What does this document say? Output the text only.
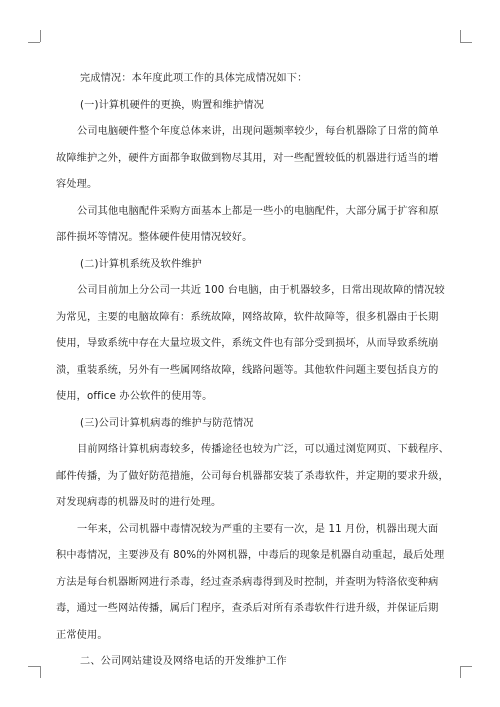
完成情况：本年度此项工作的具体完成情况如下：
(一)计算机硬件的更换，购置和维护情况
公司电脑硬件整个年度总体来讲，出现问题频率较少，每台机器除了日常的简单
故障维护之外，硬件方面都争取做到物尽其用，对一些配置较低的机器进行适当的增
容处理。
公司其他电脑配件采购方面基本上都是一些小的电脑配件，大部分属于扩容和原
部件损坏等情况。整体硬件使用情况较好。
(二)计算机系统及软件维护
公司目前加上分公司一共近 100 台电脑，由于机器较多，日常出现故障的情况较
为常见，主要的电脑故障有：系统故障，网络故障，软件故障等，很多机器由于长期
使用，导致系统中存在大量垃圾文件，系统文件也有部分受到损坏，从而导致系统崩
溃，重装系统，另外有一些属网络故障，线路问题等。其他软件问题主要包括良方的
使用，office 办公软件的使用等。
(三)公司计算机病毒的维护与防范情况
目前网络计算机病毒较多，传播途径也较为广泛，可以通过浏览网页、下载程序、
邮件传播，为了做好防范措施，公司每台机器都安装了杀毒软件，并定期的要求升级，
对发现病毒的机器及时的进行处理。
一年来，公司机器中毒情况较为严重的主要有一次，是 11 月份，机器出现大面
积中毒情况，主要涉及有 80%的外网机器，中毒后的现象是机器自动重起，最后处理
方法是每台机器断网进行杀毒，经过查杀病毒得到及时控制，并查明为特洛依变种病
毒，通过一些网站传播，属后门程序，查杀后对所有杀毒软件行进升级，并保证后期
正常使用。
二、公司网站建设及网络电话的开发维护工作
